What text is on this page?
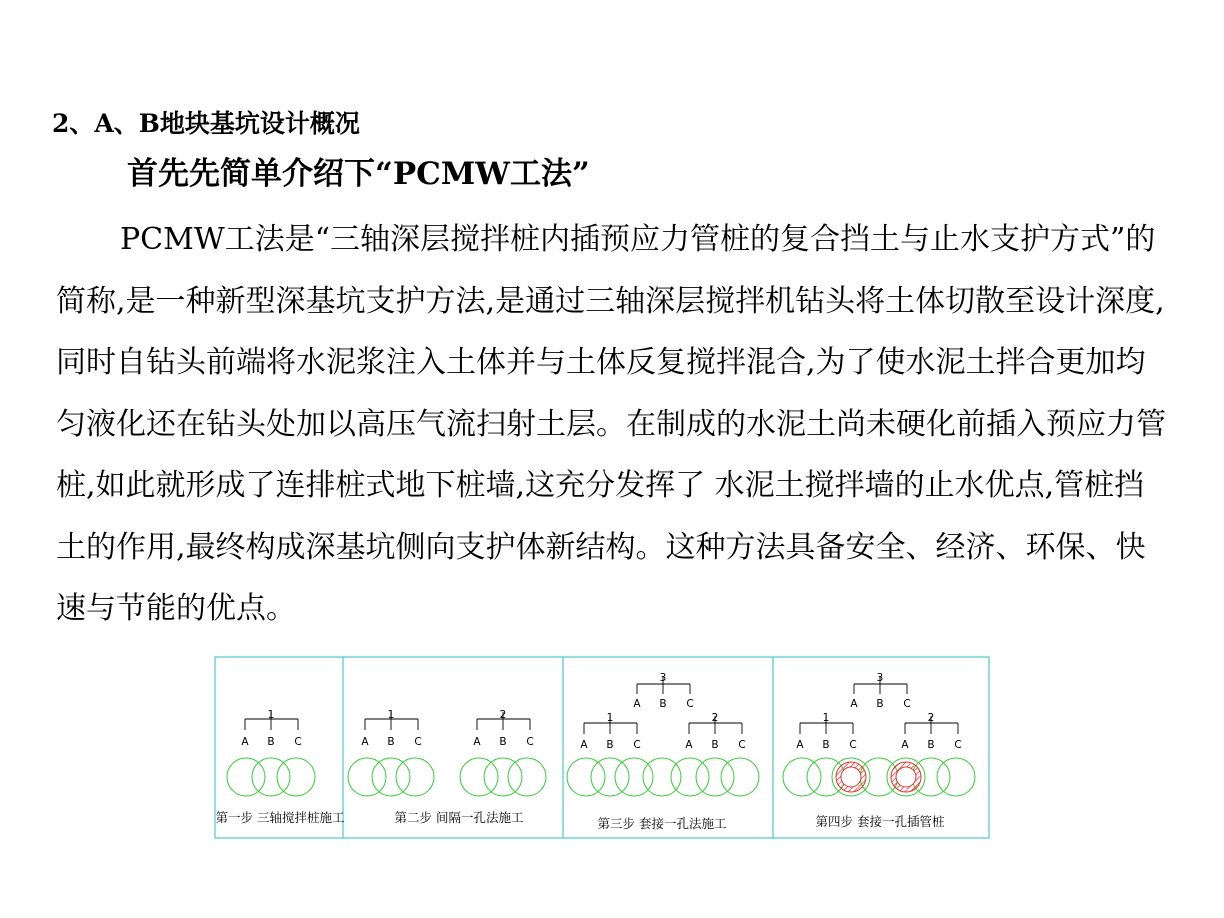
2、A、B地块基坑设计概况
首先先简单介绍下“PCMW工法”

PCMW工法是“三轴深层搅拌桩内插预应力管桩的复合挡土与止水支护方式”的简称,是一种新型深基坑支护方法,是通过三轴深层搅拌机钻头将土体切散至设计深度,同时自钻头前端将水泥浆注入土体并与土体反复搅拌混合,为了使水泥土拌合更加均匀液化还在钻头处加以高压气流扫射土层。在制成的水泥土尚未硬化前插入预应力管桩,如此就形成了连排桩式地下桩墙,这充分发挥了 水泥土搅拌墙的止水优点,管桩挡土的作用,最终构成深基坑侧向支护体新结构。这种方法具备安全、经济、环保、快速与节能的优点。

1
A B C
第一步 三轴搅拌桩施工
1
A B C
2
A B C
第二步 间隔一孔法施工
3
A B C
1
A B C
2
A B C
第三步 套接一孔法施工
3
A B C
1
A B C
2
A B C
第四步 套接一孔插管桩
